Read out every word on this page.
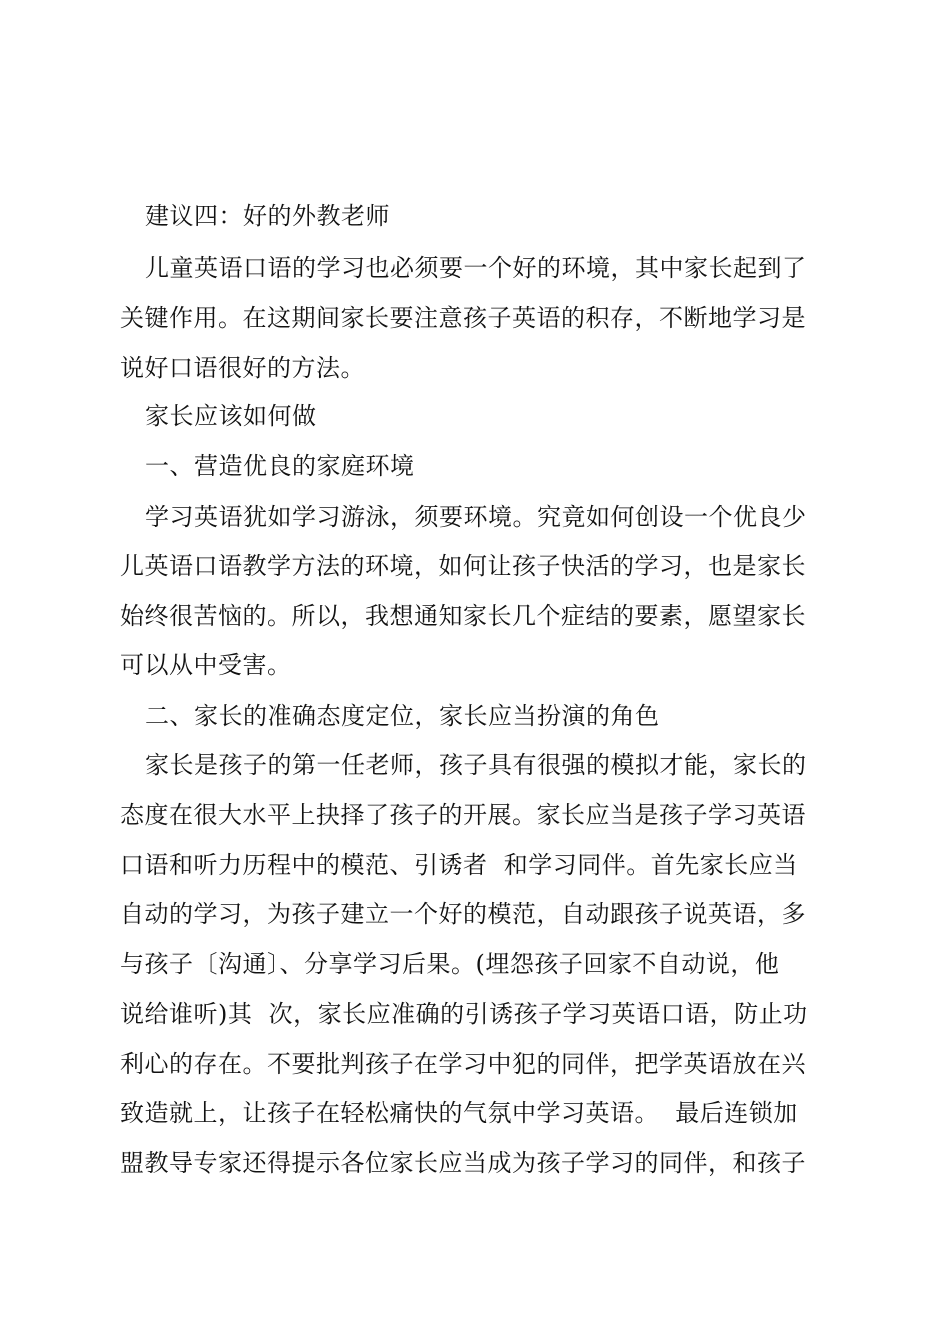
建议四：好的外教老师
儿童英语口语的学习也必须要一个好的环境，其中家长起到了
关键作用。在这期间家长要注意孩子英语的积存，不断地学习是
说好口语很好的方法。
家长应该如何做
一、营造优良的家庭环境
学习英语犹如学习游泳，须要环境。究竟如何创设一个优良少
儿英语口语教学方法的环境，如何让孩子快活的学习，也是家长
始终很苦恼的。所以，我想通知家长几个症结的要素，愿望家长
可以从中受害。
二、家长的准确态度定位，家长应当扮演的角色
家长是孩子的第一任老师，孩子具有很强的模拟才能，家长的
态度在很大水平上抉择了孩子的开展。家长应当是孩子学习英语
口语和听力历程中的模范、引诱者  和学习同伴。首先家长应当
自动的学习，为孩子建立一个好的模范，自动跟孩子说英语，多
与孩子〔沟通〕、分享学习后果。(埋怨孩子回家不自动说，他
说给谁听)其  次，家长应准确的引诱孩子学习英语口语，防止功
利心的存在。不要批判孩子在学习中犯的同伴，把学英语放在兴
致造就上，让孩子在轻松痛快的气氛中学习英语。  最后连锁加
盟教导专家还得提示各位家长应当成为孩子学习的同伴，和孩子
